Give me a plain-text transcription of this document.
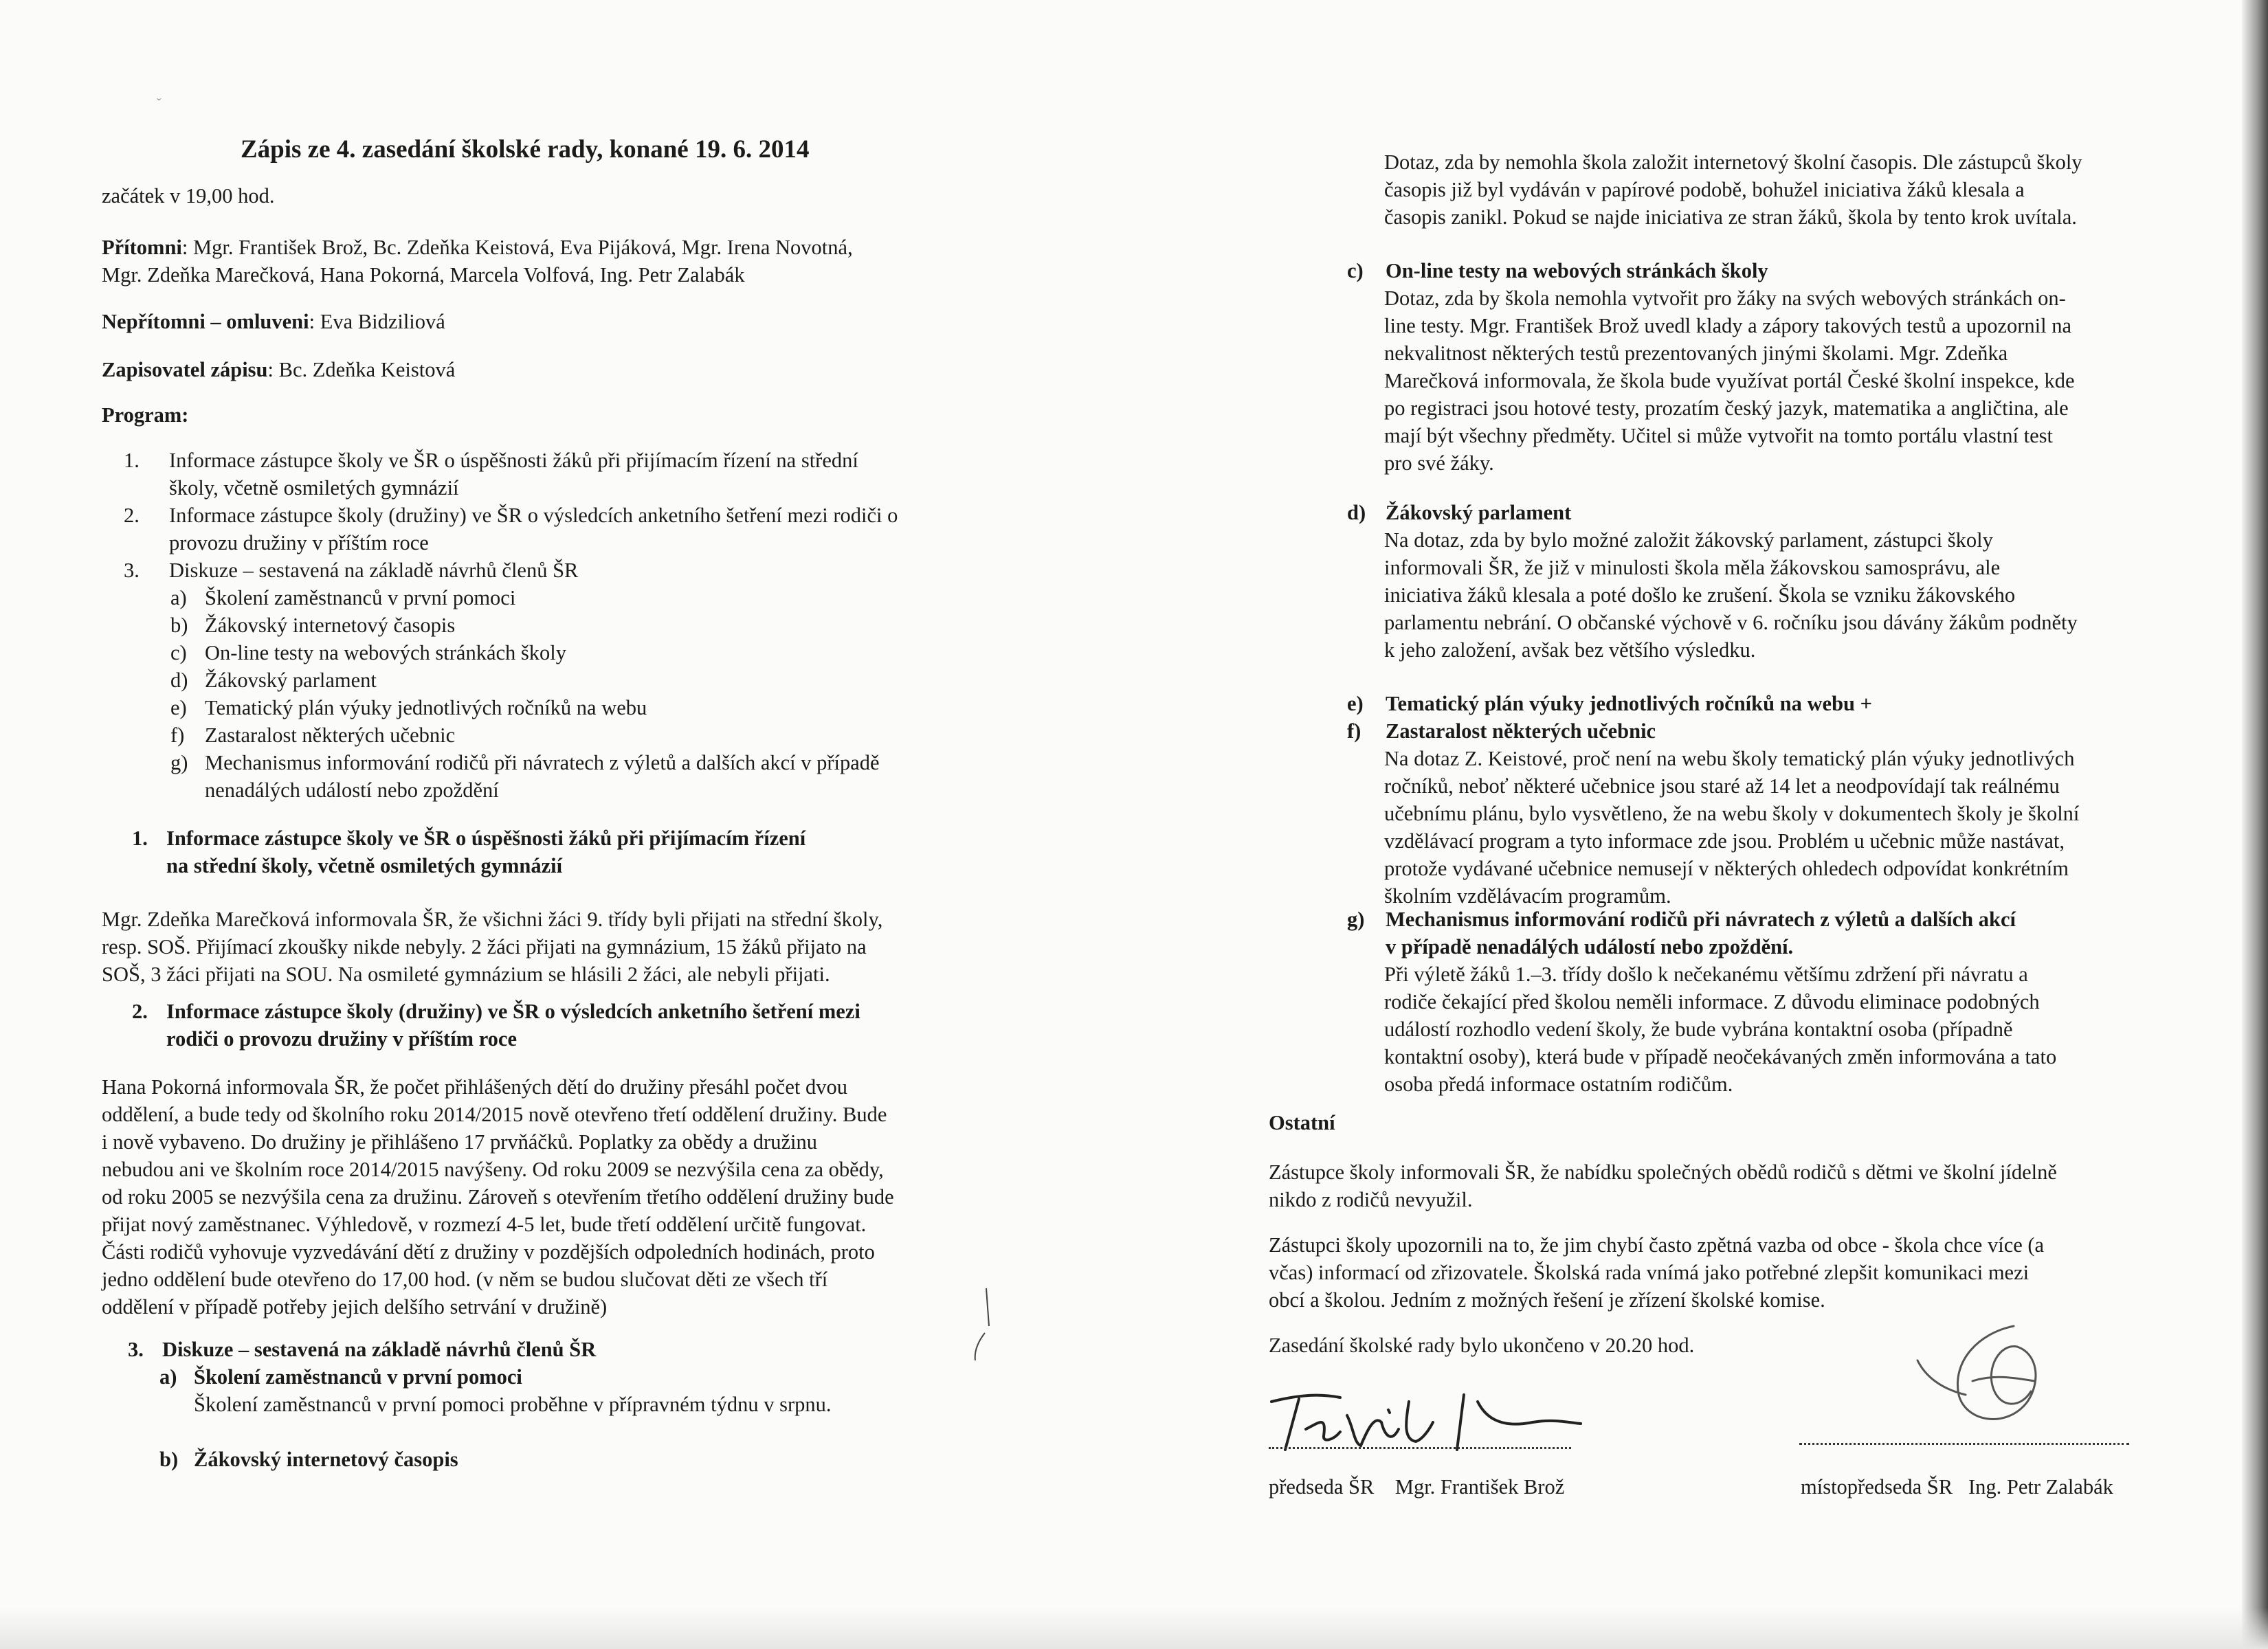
ˇ
Zápis ze 4. zasedání školské rady, konané 19. 6. 2014
začátek v 19,00 hod.
Přítomni: Mgr. František Brož, Bc. Zdeňka Keistová, Eva Pijáková, Mgr. Irena Novotná,
Mgr. Zdeňka Marečková, Hana Pokorná, Marcela Volfová, Ing. Petr Zalabák
Nepřítomni – omluveni: Eva Bidziliová
Zapisovatel zápisu: Bc. Zdeňka Keistová
Program:
1. Informace zástupce školy ve ŠR o úspěšnosti žáků při přijímacím řízení na střední
školy, včetně osmiletých gymnázií
2. Informace zástupce školy (družiny) ve ŠR o výsledcích anketního šetření mezi rodiči o
provozu družiny v příštím roce
3. Diskuze – sestavená na základě návrhů členů ŠR
a) Školení zaměstnanců v první pomoci
b) Žákovský internetový časopis
c) On-line testy na webových stránkách školy
d) Žákovský parlament
e) Tematický plán výuky jednotlivých ročníků na webu
f) Zastaralost některých učebnic
g) Mechanismus informování rodičů při návratech z výletů a dalších akcí v případě
nenadálých událostí nebo zpoždění
1. Informace zástupce školy ve ŠR o úspěšnosti žáků při přijímacím řízení
na střední školy, včetně osmiletých gymnázií
Mgr. Zdeňka Marečková informovala ŠR, že všichni žáci 9. třídy byli přijati na střední školy,
resp. SOŠ. Přijímací zkoušky nikde nebyly. 2 žáci přijati na gymnázium, 15 žáků přijato na
SOŠ, 3 žáci přijati na SOU. Na osmileté gymnázium se hlásili 2 žáci, ale nebyli přijati.
2. Informace zástupce školy (družiny) ve ŠR o výsledcích anketního šetření mezi
rodiči o provozu družiny v příštím roce
Hana Pokorná informovala ŠR, že počet přihlášených dětí do družiny přesáhl počet dvou
oddělení, a bude tedy od školního roku 2014/2015 nově otevřeno třetí oddělení družiny. Bude
i nově vybaveno. Do družiny je přihlášeno 17 prvňáčků. Poplatky za obědy a družinu
nebudou ani ve školním roce 2014/2015 navýšeny. Od roku 2009 se nezvýšila cena za obědy,
od roku 2005 se nezvýšila cena za družinu. Zároveň s otevřením třetího oddělení družiny bude
přijat nový zaměstnanec. Výhledově, v rozmezí 4-5 let, bude třetí oddělení určitě fungovat.
Části rodičů vyhovuje vyzvedávání dětí z družiny v pozdějších odpoledních hodinách, proto
jedno oddělení bude otevřeno do 17,00 hod. (v něm se budou slučovat děti ze všech tří
oddělení v případě potřeby jejich delšího setrvání v družině)
3. Diskuze – sestavená na základě návrhů členů ŠR
a) Školení zaměstnanců v první pomoci
Školení zaměstnanců v první pomoci proběhne v přípravném týdnu v srpnu.
b) Žákovský internetový časopis
Dotaz, zda by nemohla škola založit internetový školní časopis. Dle zástupců školy
časopis již byl vydáván v papírové podobě, bohužel iniciativa žáků klesala a
časopis zanikl. Pokud se najde iniciativa ze stran žáků, škola by tento krok uvítala.
c) On-line testy na webových stránkách školy
Dotaz, zda by škola nemohla vytvořit pro žáky na svých webových stránkách on-
line testy. Mgr. František Brož uvedl klady a zápory takových testů a upozornil na
nekvalitnost některých testů prezentovaných jinými školami. Mgr. Zdeňka
Marečková informovala, že škola bude využívat portál České školní inspekce, kde
po registraci jsou hotové testy, prozatím český jazyk, matematika a angličtina, ale
mají být všechny předměty. Učitel si může vytvořit na tomto portálu vlastní test
pro své žáky.
d) Žákovský parlament
Na dotaz, zda by bylo možné založit žákovský parlament, zástupci školy
informovali ŠR, že již v minulosti škola měla žákovskou samosprávu, ale
iniciativa žáků klesala a poté došlo ke zrušení. Škola se vzniku žákovského
parlamentu nebrání. O občanské výchově v 6. ročníku jsou dávány žákům podněty
k jeho založení, avšak bez většího výsledku.
e) Tematický plán výuky jednotlivých ročníků na webu +
f) Zastaralost některých učebnic
Na dotaz Z. Keistové, proč není na webu školy tematický plán výuky jednotlivých
ročníků, neboť některé učebnice jsou staré až 14 let a neodpovídají tak reálnému
učebnímu plánu, bylo vysvětleno, že na webu školy v dokumentech školy je školní
vzdělávací program a tyto informace zde jsou. Problém u učebnic může nastávat,
protože vydávané učebnice nemusejí v některých ohledech odpovídat konkrétním
školním vzdělávacím programům.
g) Mechanismus informování rodičů při návratech z výletů a dalších akcí
v případě nenadálých událostí nebo zpoždění.
Při výletě žáků 1.–3. třídy došlo k nečekanému většímu zdržení při návratu a
rodiče čekající před školou neměli informace. Z důvodu eliminace podobných
událostí rozhodlo vedení školy, že bude vybrána kontaktní osoba (případně
kontaktní osoby), která bude v případě neočekávaných změn informována a tato
osoba předá informace ostatním rodičům.
Ostatní
Zástupce školy informovali ŠR, že nabídku společných obědů rodičů s dětmi ve školní jídelně
nikdo z rodičů nevyužil.
Zástupci školy upozornili na to, že jim chybí často zpětná vazba od obce - škola chce více (a
včas) informací od zřizovatele. Školská rada vnímá jako potřebné zlepšit komunikaci mezi
obcí a školou. Jedním z možných řešení je zřízení školské komise.
Zasedání školské rady bylo ukončeno v 20.20 hod.
předseda ŠR Mgr. František Brož	místopředseda ŠR Ing. Petr Zalabák
